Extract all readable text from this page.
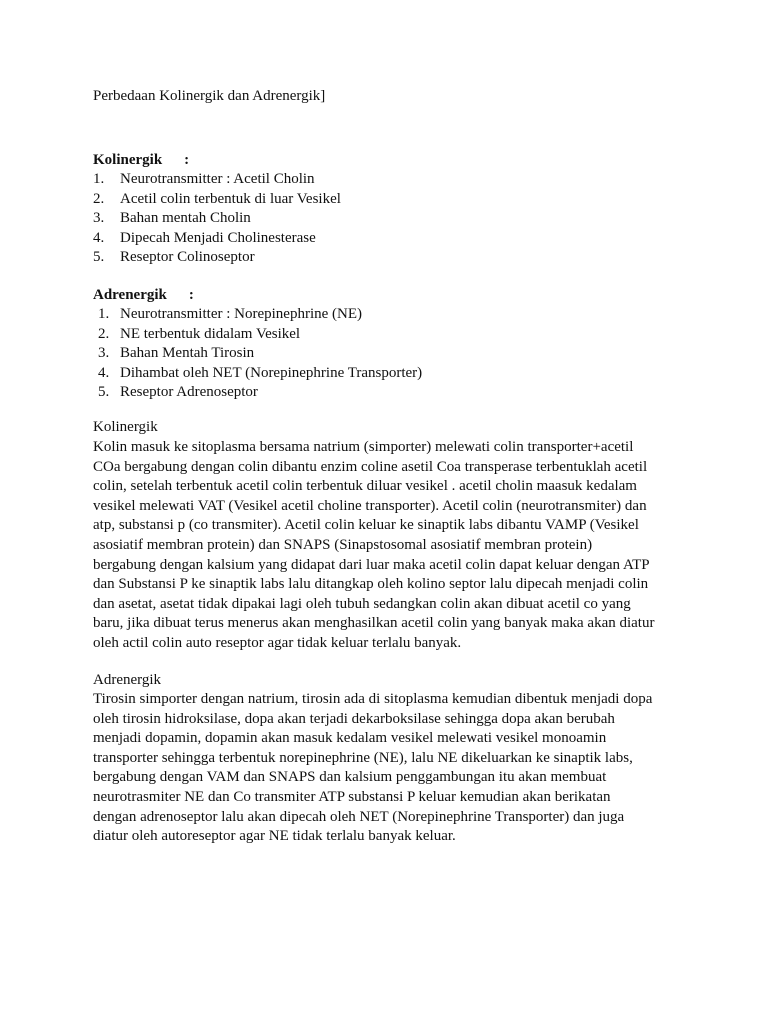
Perbedaan Kolinergik dan Adrenergik]
Kolinergik :
1. Neurotransmitter : Acetil Cholin
2. Acetil colin terbentuk di luar Vesikel
3. Bahan mentah Cholin
4. Dipecah Menjadi Cholinesterase
5. Reseptor Colinoseptor
Adrenergik :
1. Neurotransmitter : Norepinephrine (NE)
2. NE terbentuk didalam Vesikel
3. Bahan Mentah Tirosin
4. Dihambat oleh NET (Norepinephrine Transporter)
5. Reseptor Adrenoseptor
Kolinergik
Kolin masuk ke sitoplasma bersama natrium (simporter) melewati colin transporter+acetil
COa bergabung dengan colin dibantu enzim coline asetil Coa transperase terbentuklah acetil
colin, setelah terbentuk acetil colin terbentuk diluar vesikel . acetil cholin maasuk kedalam
vesikel melewati VAT (Vesikel acetil choline transporter). Acetil colin (neurotransmiter) dan
atp, substansi p (co transmiter). Acetil colin keluar ke sinaptik labs dibantu VAMP (Vesikel
asosiatif membran protein) dan SNAPS (Sinapstosomal asosiatif membran protein)
bergabung dengan kalsium yang didapat dari luar maka acetil colin dapat keluar dengan ATP
dan Substansi P ke sinaptik labs lalu ditangkap oleh kolino septor lalu dipecah menjadi colin
dan asetat, asetat tidak dipakai lagi oleh tubuh sedangkan colin akan dibuat acetil co yang
baru, jika dibuat terus menerus akan menghasilkan acetil colin yang banyak maka akan diatur
oleh actil colin auto reseptor agar tidak keluar terlalu banyak.
Adrenergik
Tirosin simporter dengan natrium, tirosin ada di sitoplasma kemudian dibentuk menjadi dopa
oleh tirosin hidroksilase, dopa akan terjadi dekarboksilase sehingga dopa akan berubah
menjadi dopamin, dopamin akan masuk kedalam vesikel melewati vesikel monoamin
transporter sehingga terbentuk norepinephrine (NE), lalu NE dikeluarkan ke sinaptik labs,
bergabung dengan VAM dan SNAPS dan kalsium penggambungan itu akan membuat
neurotrasmiter NE dan Co transmiter ATP substansi P keluar kemudian akan berikatan
dengan adrenoseptor lalu akan dipecah oleh NET (Norepinephrine Transporter) dan juga
diatur oleh autoreseptor agar NE tidak terlalu banyak keluar.
